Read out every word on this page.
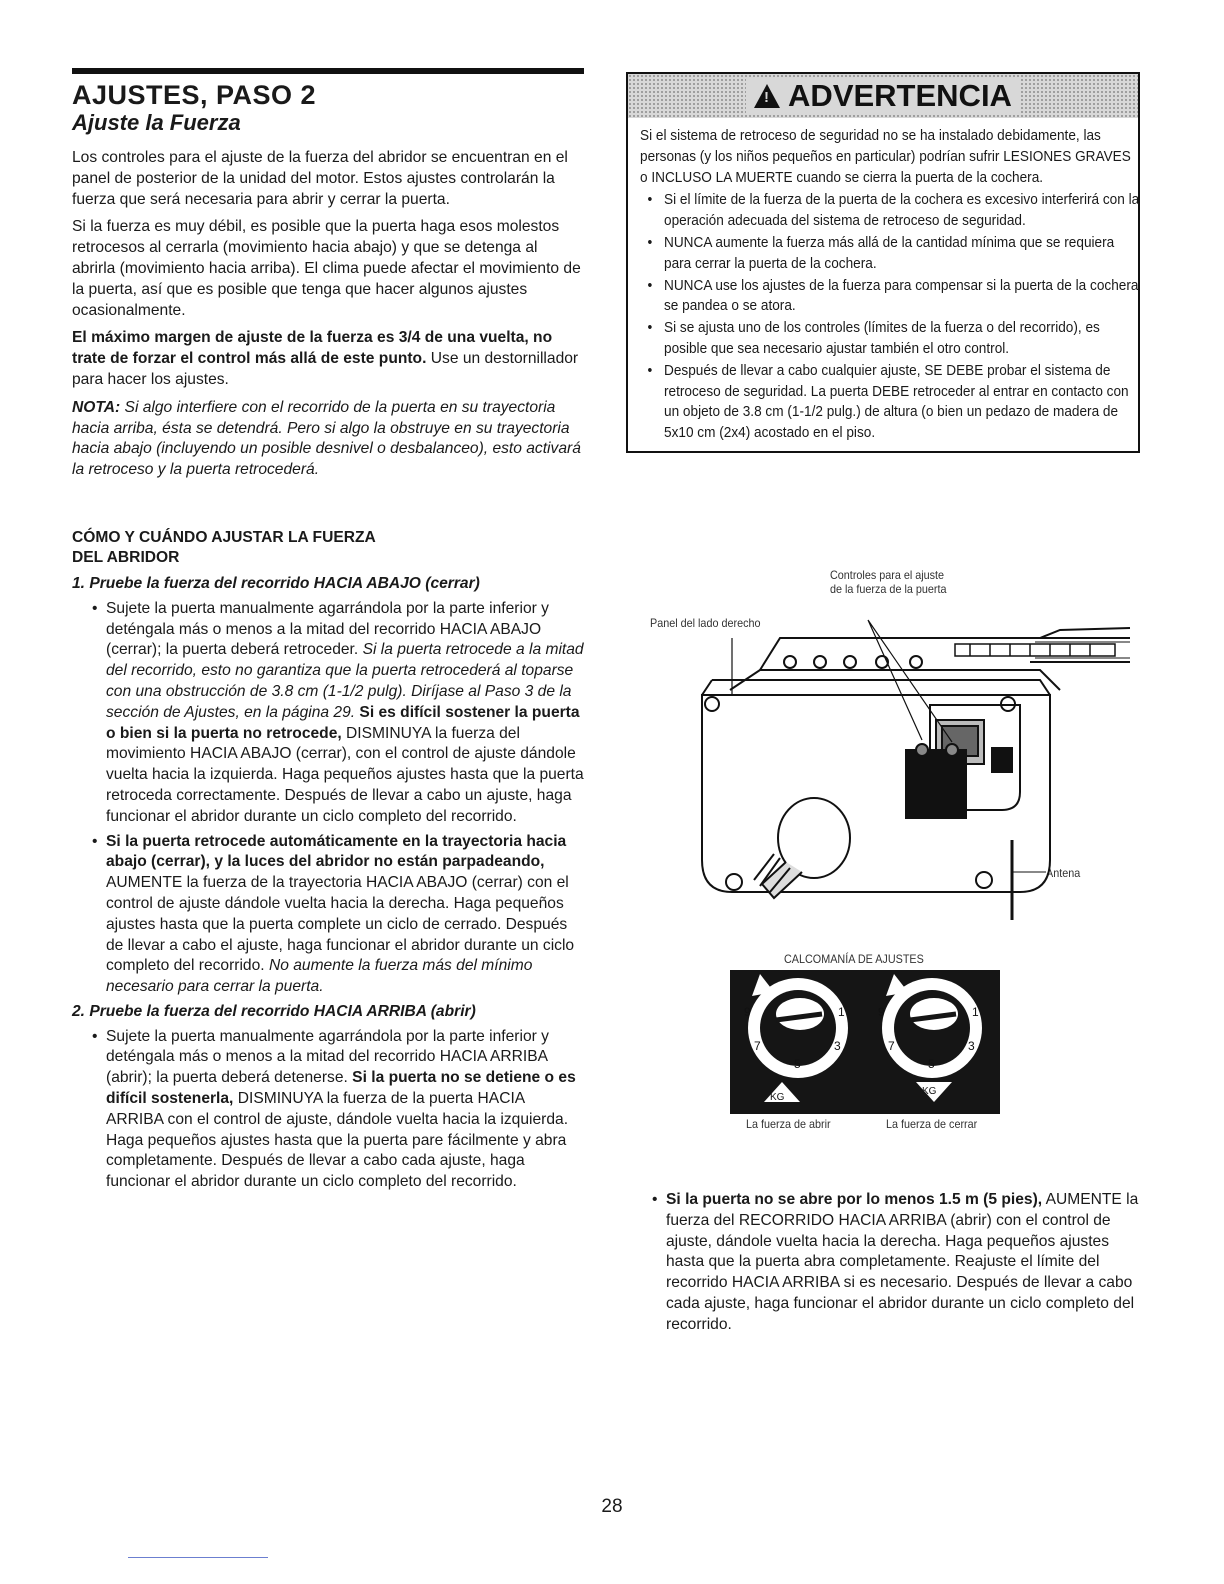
AJUSTES, PASO 2
Ajuste la Fuerza

Los controles para el ajuste de la fuerza del abridor se encuentran en el panel de posterior de la unidad del motor. Estos ajustes controlarán la fuerza que será necesaria para abrir y cerrar la puerta.

Si la fuerza es muy débil, es posible que la puerta haga esos molestos retrocesos al cerrarla (movimiento hacia abajo) y que se detenga al abrirla (movimiento hacia arriba). El clima puede afectar el movimiento de la puerta, así que es posible que tenga que hacer algunos ajustes ocasionalmente.

El máximo margen de ajuste de la fuerza es 3/4 de una vuelta, no trate de forzar el control más allá de este punto. Use un destornillador para hacer los ajustes.

NOTA: Si algo interfiere con el recorrido de la puerta en su trayectoria hacia arriba, ésta se detendrá. Pero si algo la obstruye en su trayectoria hacia abajo (incluyendo un posible desnivel o desbalanceo), esto activará la retroceso y la puerta retrocederá.

CÓMO Y CUÁNDO AJUSTAR LA FUERZA
DEL ABRIDOR
1. Pruebe la fuerza del recorrido HACIA ABAJO (cerrar)
• Sujete la puerta manualmente agarrándola por la parte inferior y deténgala más o menos a la mitad del recorrido HACIA ABAJO (cerrar); la puerta deberá retroceder. Si la puerta retrocede a la mitad del recorrido, esto no garantiza que la puerta retrocederá al toparse con una obstrucción de 3.8 cm (1-1/2 pulg). Diríjase al Paso 3 de la sección de Ajustes, en la página 29. Si es difícil sostener la puerta o bien si la puerta no retrocede, DISMINUYA la fuerza del movimiento HACIA ABAJO (cerrar), con el control de ajuste dándole vuelta hacia la izquierda. Haga pequeños ajustes hasta que la puerta retroceda correctamente. Después de llevar a cabo un ajuste, haga funcionar el abridor durante un ciclo completo del recorrido.
• Si la puerta retrocede automáticamente en la trayectoria hacia abajo (cerrar), y la luces del abridor no están parpadeando, AUMENTE la fuerza de la trayectoria HACIA ABAJO (cerrar) con el control de ajuste dándole vuelta hacia la derecha. Haga pequeños ajustes hasta que la puerta complete un ciclo de cerrado. Después de llevar a cabo el ajuste, haga funcionar el abridor durante un ciclo completo del recorrido. No aumente la fuerza más del mínimo necesario para cerrar la puerta.
2. Pruebe la fuerza del recorrido HACIA ARRIBA (abrir)
• Sujete la puerta manualmente agarrándola por la parte inferior y deténgala más o menos a la mitad del recorrido HACIA ARRIBA (abrir); la puerta deberá detenerse. Si la puerta no se detiene o es difícil sostenerla, DISMINUYA la fuerza de la puerta HACIA ARRIBA con el control de ajuste, dándole vuelta hacia la izquierda. Haga pequeños ajustes hasta que la puerta pare fácilmente y abra completamente. Después de llevar a cabo cada ajuste, haga funcionar el abridor durante un ciclo completo del recorrido.
! ADVERTENCIA

Si el sistema de retroceso de seguridad no se ha instalado debidamente, las personas (y los niños pequeños en particular) podrían sufrir LESIONES GRAVES o INCLUSO LA MUERTE cuando se cierra la puerta de la cochera.

• Si el límite de la fuerza de la puerta de la cochera es excesivo interferirá con la operación adecuada del sistema de retroceso de seguridad.
• NUNCA aumente la fuerza más allá de la cantidad mínima que se requiera para cerrar la puerta de la cochera.
• NUNCA use los ajustes de la fuerza para compensar si la puerta de la cochera se pandea o se atora.
• Si se ajusta uno de los controles (límites de la fuerza o del recorrido), es posible que sea necesario ajustar también el otro control.
• Después de llevar a cabo cualquier ajuste, SE DEBE probar el sistema de retroceso de seguridad. La puerta DEBE retroceder al entrar en contacto con un objeto de 3.8 cm (1-1/2 pulg.) de altura (o bien un pedazo de madera de 5x10 cm (2x4) acostado en el piso.
Controles para el ajuste
de la fuerza de la puerta
Panel del lado derecho
Antena
CALCOMANÍA DE AJUSTES
9	1
7	3
5
KG
9	1
7	3
5
KG
La fuerza de abrir	La fuerza de cerrar
• Si la puerta no se abre por lo menos 1.5 m (5 pies), AUMENTE la fuerza del RECORRIDO HACIA ARRIBA (abrir) con el control de ajuste, dándole vuelta hacia la derecha. Haga pequeños ajustes hasta que la puerta abra completamente. Reajuste el límite del recorrido HACIA ARRIBA si es necesario. Después de llevar a cabo cada ajuste, haga funcionar el abridor durante un ciclo completo del recorrido.
28
